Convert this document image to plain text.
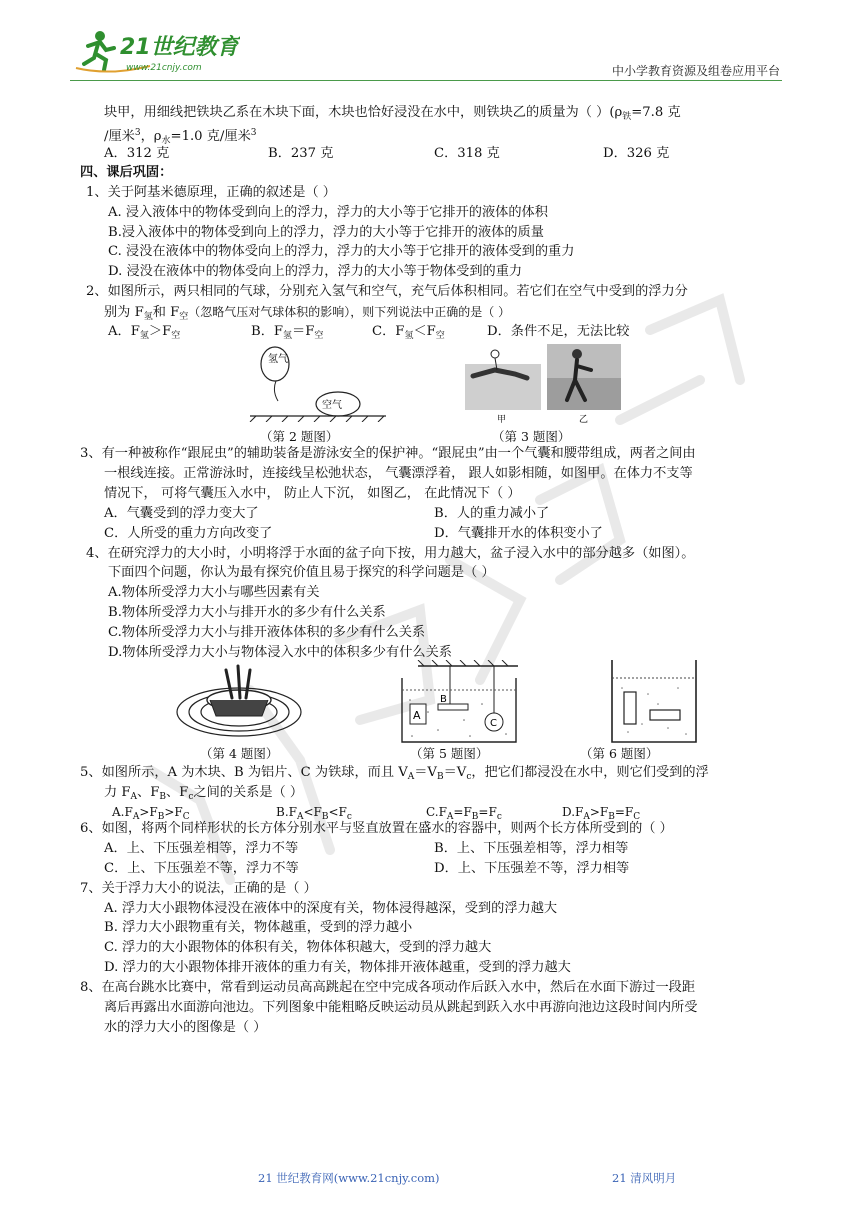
21世纪教育
www.21cnjy.com	中小学教育资源及组卷应用平台
块甲，用细线把铁块乙系在木块下面，木块也恰好浸没在水中，则铁块乙的质量为（ ）($\rho_铁=7.8$ 克
/厘米$^3$，$\rho_水=1.0$ 克/厘米$^3$
A．312 克	B．237 克	C．318 克	D．326 克
四、课后巩固：
1、关于阿基米德原理，正确的叙述是（ ）
A. 浸入液体中的物体受到向上的浮力，浮力的大小等于它排开的液体的体积
B.浸入液体中的物体受到向上的浮力，浮力的大小等于它排开的液体的质量
C. 浸没在液体中的物体受向上的浮力，浮力的大小等于它排开的液体受到的重力
D. 浸没在液体中的物体受向上的浮力，浮力的大小等于物体受到的重力
2、如图所示，两只相同的气球，分别充入氢气和空气，充气后体积相同。若它们在空气中受到的浮力分
别为 $F_氢$和 $F_空$（忽略气压对气球体积的影响），则下列说法中正确的是（ ）
A．$F_氢>F_空$	B．$F_氢=F_空$	C．$F_氢<F_空$	D．条件不足，无法比较
氢气
空气
（第 2 题图）
甲	乙
（第 3 题图）
3、有一种被称作“跟屁虫”的辅助装备是游泳安全的保护神。“跟屁虫”由一个气囊和腰带组成，两者之间由
一根线连接。正常游泳时，连接线呈松弛状态， 气囊漂浮着， 跟人如影相随，如图甲。在体力不支等
情况下， 可将气囊压入水中， 防止人下沉， 如图乙， 在此情况下（ ）
A．气囊受到的浮力变大了	B．人的重力减小了
C．人所受的重力方向改变了	D．气囊排开水的体积变小了
4、在研究浮力的大小时，小明将浮于水面的盆子向下按，用力越大，盆子浸入水中的部分越多（如图）。
下面四个问题，你认为最有探究价值且易于探究的科学问题是（ ）
A.物体所受浮力大小与哪些因素有关
B.物体所受浮力大小与排开水的多少有什么关系
C.物体所受浮力大小与排开液体体积的多少有什么关系
D.物体所受浮力大小与物体浸入水中的体积多少有什么关系
（第 4 题图）
A
B
C
（第 5 题图）	（第 6 题图）
5、如图所示，A 为木块、B 为铝片、C 为铁球，而且 $V_A=V_B=V_c$，把它们都浸没在水中，则它们受到的浮
力 $F_A$、$F_B$、$F_c$之间的关系是（ ）
$A.F_A>F_B>F_C$	$B.F_A<F_B<F_c$	$C.F_A=F_B=F_c$	$D.F_A>F_B=F_C$
6、如图，将两个同样形状的长方体分别水平与竖直放置在盛水的容器中，则两个长方体所受到的（ ）
A．上、下压强差相等，浮力不等	B．上、下压强差相等，浮力相等
C．上、下压强差不等，浮力不等	D．上、下压强差不等，浮力相等
7、关于浮力大小的说法，正确的是（ ）
A. 浮力大小跟物体浸没在液体中的深度有关，物体浸得越深，受到的浮力越大
B. 浮力大小跟物重有关，物体越重，受到的浮力越小
C. 浮力的大小跟物体的体积有关，物体体积越大，受到的浮力越大
D. 浮力的大小跟物体排开液体的重力有关，物体排开液体越重，受到的浮力越大
8、在高台跳水比赛中，常看到运动员高高跳起在空中完成各项动作后跃入水中，然后在水面下游过一段距
离后再露出水面游向池边。下列图象中能粗略反映运动员从跳起到跃入水中再游向池边这段时间内所受
水的浮力大小的图像是（ ）
21 世纪教育网(www.21cnjy.com)	21 清风明月
